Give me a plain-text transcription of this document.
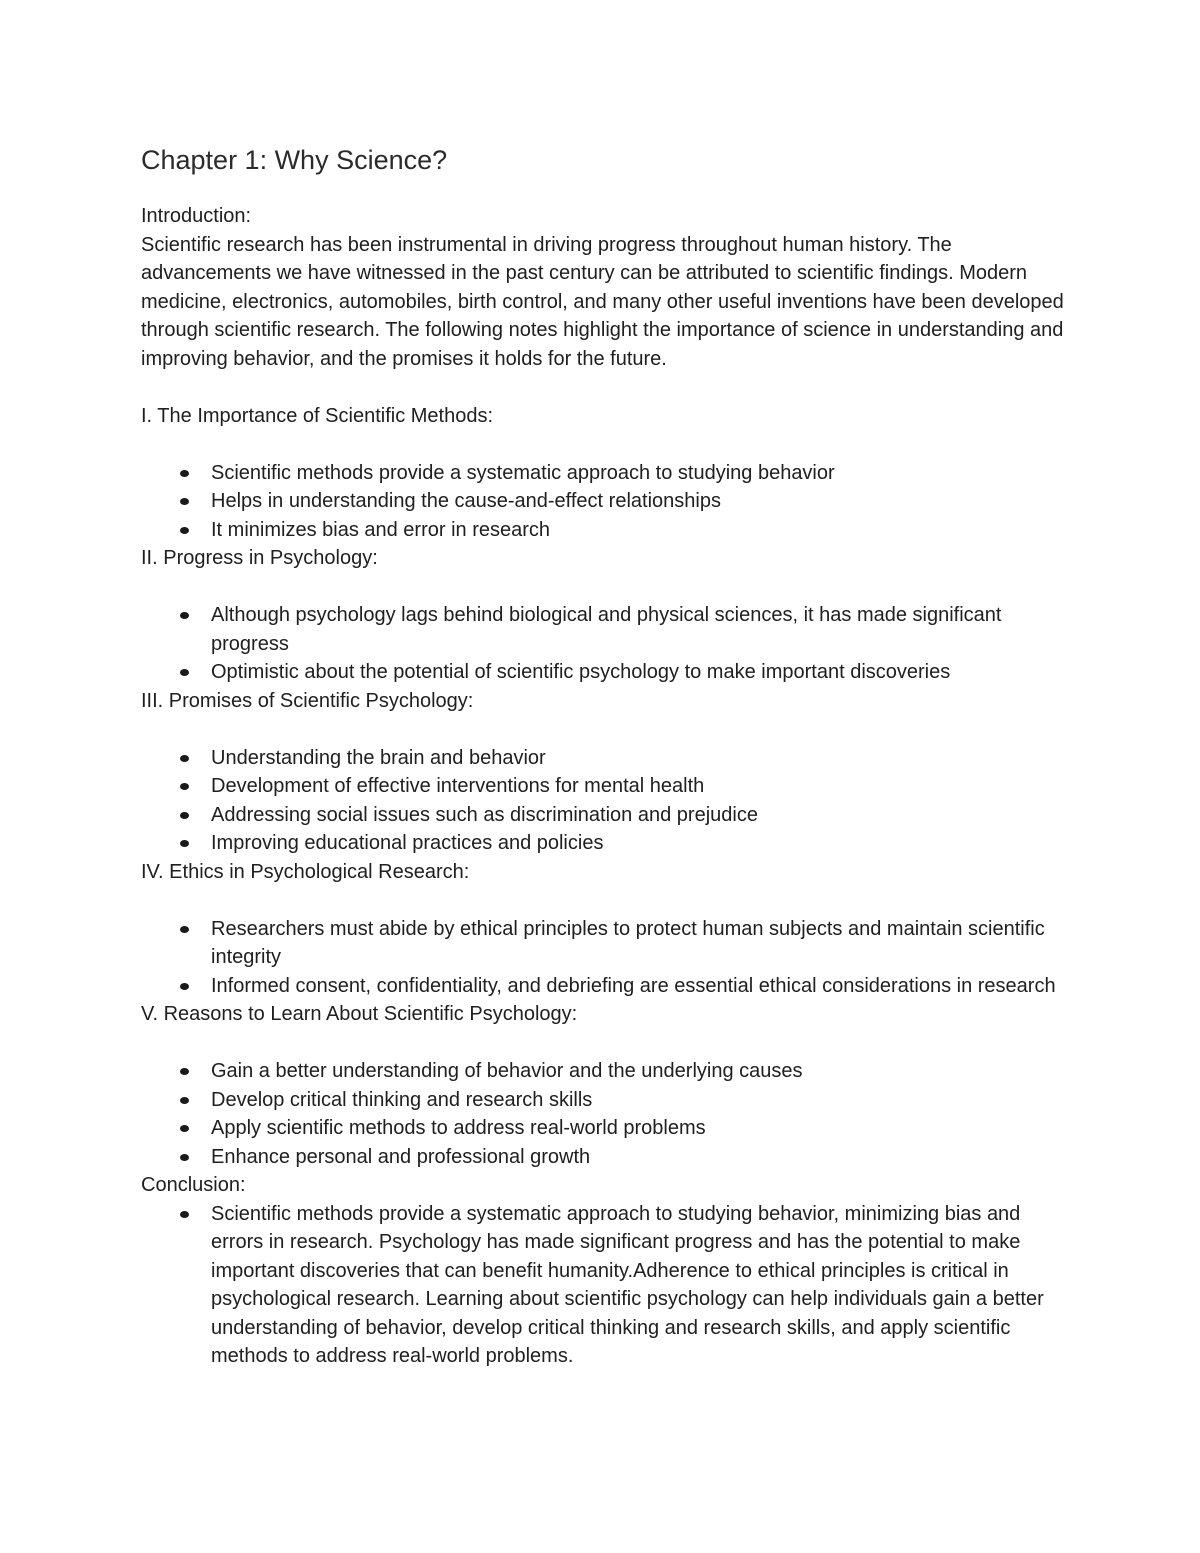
Chapter 1: Why Science?

Introduction:

Scientific research has been instrumental in driving progress throughout human history. The advancements we have witnessed in the past century can be attributed to scientific findings. Modern medicine, electronics, automobiles, birth control, and many other useful inventions have been developed through scientific research. The following notes highlight the importance of science in understanding and improving behavior, and the promises it holds for the future.

I. The Importance of Scientific Methods:

Scientific methods provide a systematic approach to studying behavior
Helps in understanding the cause-and-effect relationships
It minimizes bias and error in research

II. Progress in Psychology:

Although psychology lags behind biological and physical sciences, it has made significant progress
Optimistic about the potential of scientific psychology to make important discoveries

III. Promises of Scientific Psychology:

Understanding the brain and behavior
Development of effective interventions for mental health
Addressing social issues such as discrimination and prejudice
Improving educational practices and policies

IV. Ethics in Psychological Research:

Researchers must abide by ethical principles to protect human subjects and maintain scientific integrity
Informed consent, confidentiality, and debriefing are essential ethical considerations in research

V. Reasons to Learn About Scientific Psychology:

Gain a better understanding of behavior and the underlying causes
Develop critical thinking and research skills
Apply scientific methods to address real-world problems
Enhance personal and professional growth

Conclusion:

Scientific methods provide a systematic approach to studying behavior, minimizing bias and errors in research. Psychology has made significant progress and has the potential to make important discoveries that can benefit humanity.Adherence to ethical principles is critical in psychological research. Learning about scientific psychology can help individuals gain a better understanding of behavior, develop critical thinking and research skills, and apply scientific methods to address real-world problems.
